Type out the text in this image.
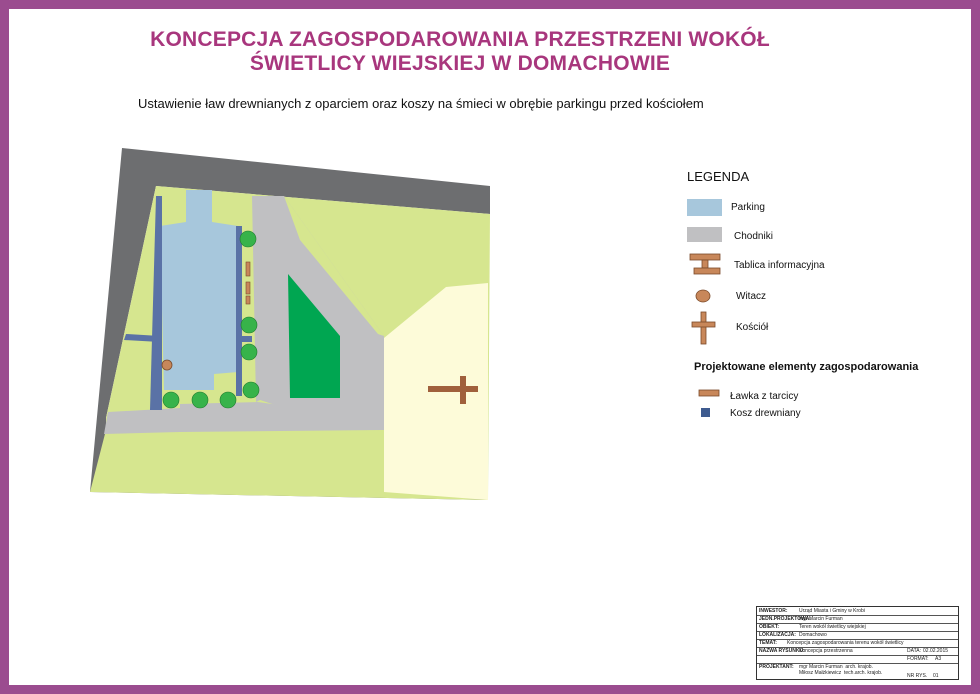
KONCEPCJA ZAGOSPODAROWANIA PRZESTRZENI WOKÓŁ
ŚWIETLICY WIEJSKIEJ W DOMACHOWIE
Ustawienie ław drewnianych z oparciem oraz koszy na śmieci w obrębie parkingu przed kościołem
LEGENDA
Parking
Chodniki
Tablica informacyjna
Witacz
Kościół
Projektowane elementy zagospodarowania
Ławka z tarcicy
Kosz drewniany
INWESTOR: Urząd Miasta i Gminy w Krobi
JEDN.PROJEKTOWA:
mgr Marcin Furman
OBIEKT:	Teren wokół świetlicy wiejskiej
LOKALIZACJA: Domachowo
TEMAT: Koncepcja zagospodarowania terenu wokół świetlicy
NAZWA RYSUNKU:
Koncepcja przestrzenna	DATA: 02.02.2015
FORMAT: A3
PROJEKTANT: mgr Marcin Furman  arch. krajob.
Miłosz Małżkiewicz  tech.arch. krajob.	NR RYS. 01
